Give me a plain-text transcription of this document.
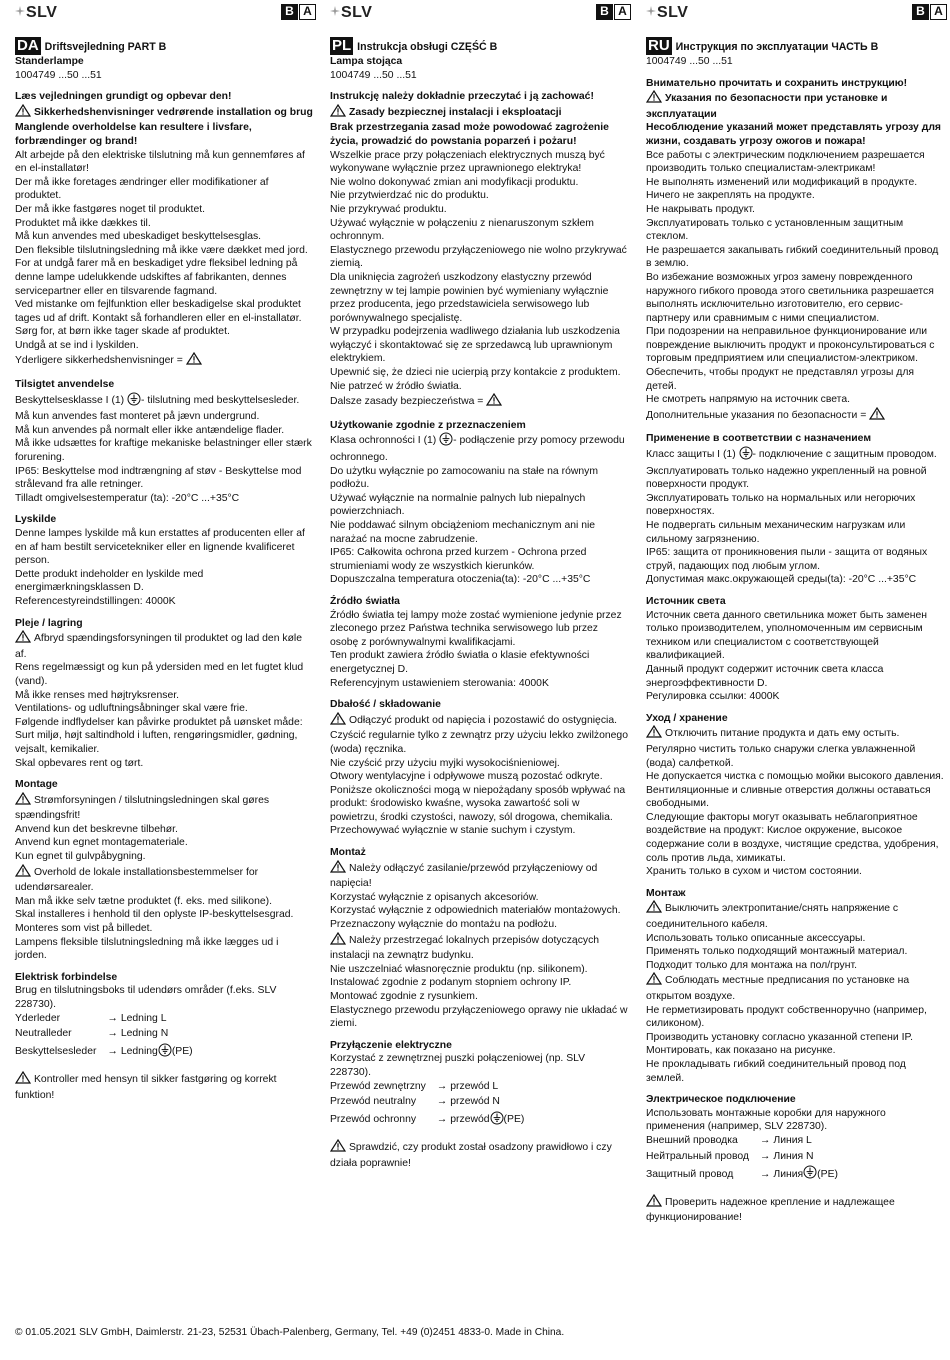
SLV	B A
DA Driftsvejledning PART B

Standerlampe

1004749 ...50 ...51

Læs vejledningen grundigt og opbevar den!

Sikkerhedshenvisninger vedrørende installation og brug

Manglende overholdelse kan resultere i livsfare, forbrændinger og brand!

Alt arbejde på den elektriske tilslutning må kun gennemføres af en el-installatør!

Der må ikke foretages ændringer eller modifikationer af produktet.

Der må ikke fastgøres noget til produktet.

Produktet må ikke dækkes til.

Må kun anvendes med ubeskadiget beskyttelsesglas.

Den fleksible tilslutningsledning må ikke være dækket med jord.

For at undgå farer må en beskadiget ydre fleksibel ledning på denne lampe udelukkende udskiftes af fabrikanten, dennes servicepartner eller en tilsvarende fagmand.

Ved mistanke om fejlfunktion eller beskadigelse skal produktet tages ud af drift. Kontakt så forhandleren eller en el-installatør.

Sørg for, at børn ikke tager skade af produktet.

Undgå at se ind i lyskilden.

Yderligere sikkerhedshenvisninger =

Tilsigtet anvendelse

Beskyttelsesklasse I (1) - tilslutning med beskyttelsesleder.

Må kun anvendes fast monteret på jævn undergrund.

Må kun anvendes på normalt eller ikke antændelige flader.

Må ikke udsættes for kraftige mekaniske belastninger eller stærk forurening.

IP65: Beskyttelse mod indtrængning af støv - Beskyttelse mod strålevand fra alle retninger.

Tilladt omgivelsestemperatur (ta): -20°C ...+35°C

Lyskilde

Denne lampes lyskilde må kun erstattes af producenten eller af en af ham bestilt servicetekniker eller en lignende kvalificeret person.

Dette produkt indeholder en lyskilde med energimærkningsklassen D.

Referencestyreindstillingen: 4000K

Pleje / lagring

Afbryd spændingsforsyningen til produktet og lad den køle af.

Rens regelmæssigt og kun på ydersiden med en let fugtet klud (vand).

Må ikke renses med højtryksrenser.

Ventilations- og udluftningsåbninger skal være frie.

Følgende indflydelser kan påvirke produktet på uønsket måde: Surt miljø, højt saltindhold i luften, rengøringsmidler, gødning, vejsalt, kemikalier.

Skal opbevares rent og tørt.

Montage

Strømforsyningen / tilslutningsledningen skal gøres spændingsfrit!

Anvend kun det beskrevne tilbehør.

Anvend kun egnet montagemateriale.

Kun egnet til gulvpåbygning.

Overhold de lokale installationsbestemmelser for udendørsarealer.

Man må ikke selv tætne produktet (f. eks. med silikone).

Skal installeres i henhold til den oplyste IP-beskyttelsesgrad.

Monteres som vist på billedet.

Lampens fleksible tilslutningsledning må ikke lægges ud i jorden.

Elektrisk forbindelse

Brug en tilslutningsboks til udendørs områder (f.eks. SLV 228730).

Yderleder	→ Ledning L

Neutralleder	→ Ledning N

Beskyttelsesleder	→ Ledning (PE)

Kontroller med hensyn til sikker fastgøring og korrekt funktion!

SLV	B A
PL Instrukcja obsługi CZĘŚĆ B

Lampa stojąca

1004749 ...50 ...51

Instrukcję należy dokładnie przeczytać i ją zachować!

Zasady bezpiecznej instalacji i eksploatacji

Brak przestrzegania zasad może powodować zagrożenie życia, prowadzić do powstania poparzeń i pożaru!

Wszelkie prace przy połączeniach elektrycznych muszą być wykonywane wyłącznie przez uprawnionego elektryka!

Nie wolno dokonywać zmian ani modyfikacji produktu.

Nie przytwierdzać nic do produktu.

Nie przykrywać produktu.

Używać wyłącznie w połączeniu z nienaruszonym szkłem ochronnym.

Elastycznego przewodu przyłączeniowego nie wolno przykrywać ziemią.

Dla uniknięcia zagrożeń uszkodzony elastyczny przewód zewnętrzny w tej lampie powinien być wymieniany wyłącznie przez producenta, jego przedstawiciela serwisowego lub porównywalnego specjalistę.

W przypadku podejrzenia wadliwego działania lub uszkodzenia wyłączyć i skontaktować się ze sprzedawcą lub uprawnionym elektrykiem.

Upewnić się, że dzieci nie ucierpią przy kontakcie z produktem.

Nie patrzeć w źródło światła.

Dalsze zasady bezpieczeństwa =

Użytkowanie zgodnie z przeznaczeniem

Klasa ochronności I (1) - podłączenie przy pomocy przewodu ochronnego.

Do użytku wyłącznie po zamocowaniu na stałe na równym podłożu.

Używać wyłącznie na normalnie palnych lub niepalnych powierzchniach.

Nie poddawać silnym obciążeniom mechanicznym ani nie narażać na mocne zabrudzenie.

IP65: Całkowita ochrona przed kurzem - Ochrona przed strumieniami wody ze wszystkich kierunków.

Dopuszczalna temperatura otoczenia(ta): -20°C ...+35°C

Źródło światła

Źródło światła tej lampy może zostać wymienione jedynie przez zleconego przez Państwa technika serwisowego lub przez osobę z porównywalnymi kwalifikacjami.

Ten produkt zawiera źródło światła o klasie efektywności energetycznej D.

Referencyjnym ustawieniem sterowania: 4000K

Dbałość / składowanie

Odłączyć produkt od napięcia i pozostawić do ostygnięcia.

Czyścić regularnie tylko z zewnątrz przy użyciu lekko zwilżonego (woda) ręcznika.

Nie czyścić przy użyciu myjki wysokociśnieniowej.

Otwory wentylacyjne i odpływowe muszą pozostać odkryte.

Poniższe okoliczności mogą w niepożądany sposób wpływać na produkt: środowisko kwaśne, wysoka zawartość soli w powietrzu, środki czystości, nawozy, sól drogowa, chemikalia.

Przechowywać wyłącznie w stanie suchym i czystym.

Montaż

Należy odłączyć zasilanie/przewód przyłączeniowy od napięcia!

Korzystać wyłącznie z opisanych akcesoriów.

Korzystać wyłącznie z odpowiednich materiałów montażowych.

Przeznaczony wyłącznie do montażu na podłożu.

Należy przestrzegać lokalnych przepisów dotyczących instalacji na zewnątrz budynku.

Nie uszczelniać własnoręcznie produktu (np. silikonem).

Instalować zgodnie z podanym stopniem ochrony IP.

Montować zgodnie z rysunkiem.

Elastycznego przewodu przyłączeniowego oprawy nie układać w ziemi.

Przyłączenie elektryczne

Korzystać z zewnętrznej puszki połączeniowej (np. SLV 228730).

Przewód zewnętrzny	→ przewód L

Przewód neutralny	→ przewód N

Przewód ochronny	→ przewód (PE)

Sprawdzić, czy produkt został osadzony prawidłowo i czy działa poprawnie!

SLV	B A
RU Инструкция по эксплуатации ЧАСТЬ В

1004749 ...50 ...51

Внимательно прочитать и сохранить инструкцию!

Указания по безопасности при установке и эксплуатации

Несоблюдение указаний может представлять угрозу для жизни, создавать угрозу ожогов и пожара!

Все работы с электрическим подключением разрешается производить только специалистам-электрикам!

Не выполнять изменений или модификаций в продукте.

Ничего не закреплять на продукте.

Не накрывать продукт.

Эксплуатировать только с установленным защитным стеклом.

Не разрешается закапывать гибкий соединительный провод в землю.

Во избежание возможных угроз замену поврежденного наружного гибкого провода этого светильника разрешается выполнять исключительно изготовителю, его сервис-партнеру или сравнимым с ними специалистом.

При подозрении на неправильное функционирование или повреждение выключить продукт и проконсультироваться с торговым предприятием или специалистом-электриком.

Обеспечить, чтобы продукт не представлял угрозы для детей.

Не смотреть напрямую на источник света.

Дополнительные указания по безопасности =

Применение в соответствии с назначением

Класс защиты I (1) - подключение с защитным проводом.

Эксплуатировать только надежно укрепленный на ровной поверхности продукт.

Эксплуатировать только на нормальных или негорючих поверхностях.

Не подвергать сильным механическим нагрузкам или сильному загрязнению.

IP65: защита от проникновения пыли - защита от водяных струй, падающих под любым углом.

Допустимая макс.окружающей среды(ta): -20°C ...+35°C

Источник света

Источник света данного светильника может быть заменен только производителем, уполномоченным им сервисным техником или специалистом с соответствующей квалификацией.

Данный продукт содержит источник света класса энергоэффективности D.

Регулировка ссылки: 4000K

Уход / хранение

Отключить питание продукта и дать ему остыть.

Регулярно чистить только снаружи слегка увлажненной (вода) салфеткой.

Не допускается чистка с помощью мойки высокого давления.

Вентиляционные и сливные отверстия должны оставаться свободными.

Следующие факторы могут оказывать неблагоприятное воздействие на продукт: Кислое окружение, высокое содержание соли в воздухе, чистящие средства, удобрения, соль против льда, химикаты.

Хранить только в сухом и чистом состоянии.

Монтаж

Выключить электропитание/снять напряжение с соединительного кабеля.

Использовать только описанные аксессуары.

Применять только подходящий монтажный материал.

Подходит только для монтажа на пол/грунт.

Соблюдать местные предписания по установке на открытом воздухе.

Не герметизировать продукт собственноручно (например, силиконом).

Производить установку согласно указанной степени IP.

Монтировать, как показано на рисунке.

Не прокладывать гибкий соединительный провод под землей.

Электрическое подключение

Использовать монтажные коробки для наружного применения (например, SLV 228730).

Внешний проводка	→ Линия L

Нейтральный провод	→ Линия N

Защитный провод	→ Линия (PE)

Проверить надежное крепление и надлежащее функционирование!

© 01.05.2021 SLV GmbH, Daimlerstr. 21-23, 52531 Übach-Palenberg, Germany, Tel. +49 (0)2451 4833-0. Made in China.
